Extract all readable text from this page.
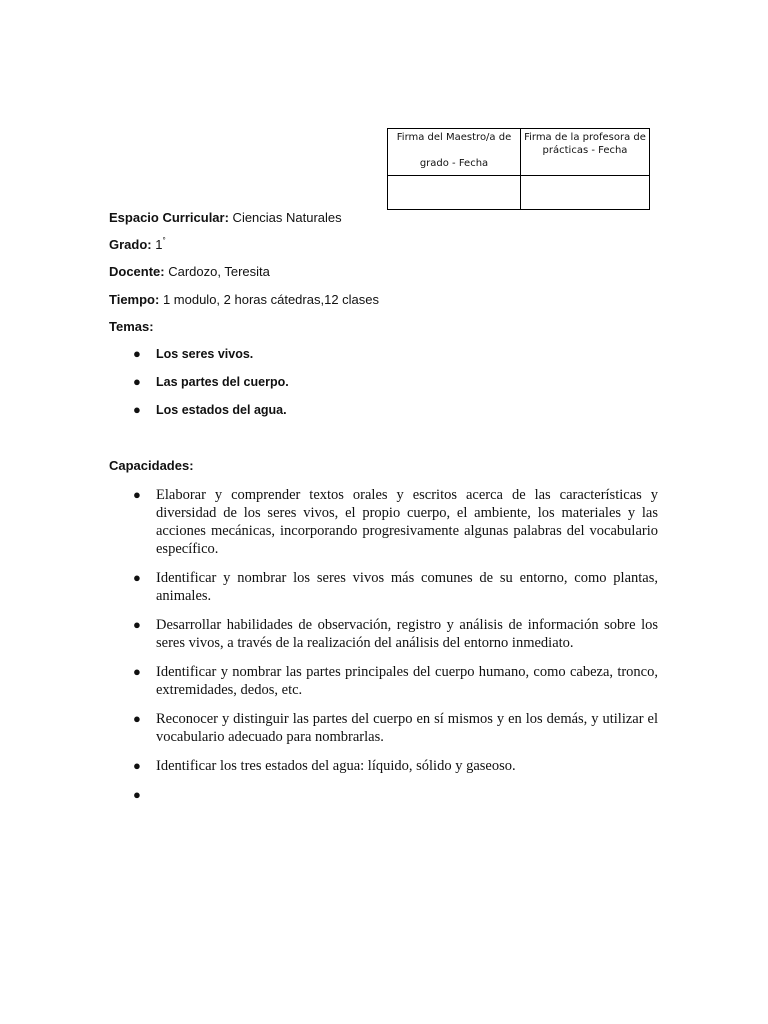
Firma del Maestro/a de
grado - Fecha	Firma de la profesora de prácticas - Fecha

Espacio Curricular: Ciencias Naturales
Grado: 1°
Docente: Cardozo, Teresita
Tiempo: 1 modulo, 2 horas cátedras,12 clases
Temas:
● Los seres vivos.
● Las partes del cuerpo.
● Los estados del agua.
Capacidades:
● Elaborar y comprender textos orales y escritos acerca de las características y diversidad de los seres vivos, el propio cuerpo, el ambiente, los materiales y las acciones mecánicas, incorporando progresivamente algunas palabras del vocabulario específico.
● Identificar y nombrar los seres vivos más comunes de su entorno, como plantas, animales.
● Desarrollar habilidades de observación, registro y análisis de información sobre los seres vivos, a través de la realización del análisis del entorno inmediato.
● Identificar y nombrar las partes principales del cuerpo humano, como cabeza, tronco, extremidades, dedos, etc.
● Reconocer y distinguir las partes del cuerpo en sí mismos y en los demás, y utilizar el vocabulario adecuado para nombrarlas.
● Identificar los tres estados del agua: líquido, sólido y gaseoso.
●
